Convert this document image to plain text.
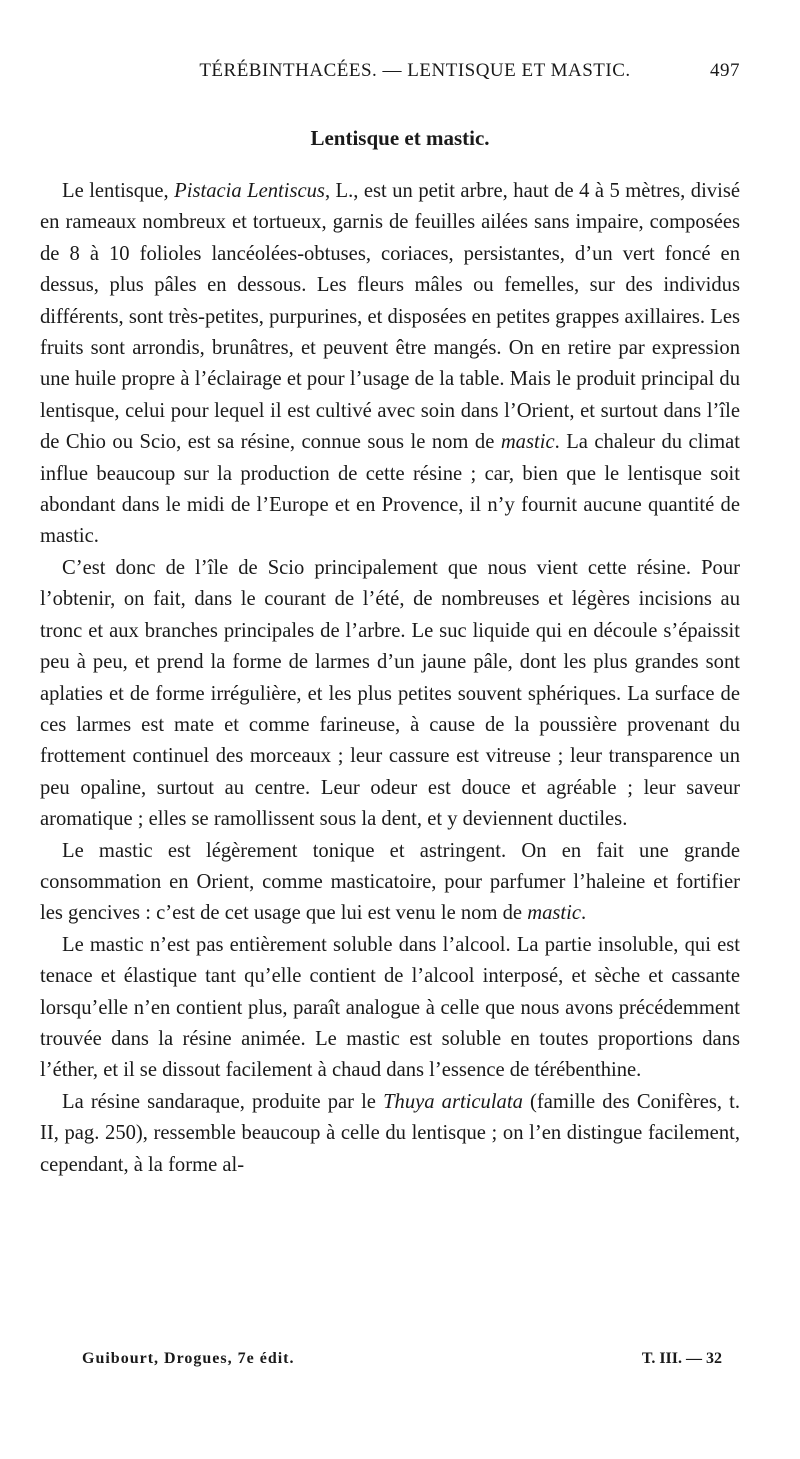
TÉRÉBINTHACÉES. — LENTISQUE ET MASTIC.	497
Lentisque et mastic.

Le lentisque, Pistacia Lentiscus, L., est un petit arbre, haut de 4 à 5 mètres, divisé en rameaux nombreux et tortueux, garnis de feuilles ailées sans impaire, composées de 8 à 10 folioles lancéolées-obtuses, coriaces, persistantes, d’un vert foncé en dessus, plus pâles en dessous. Les fleurs mâles ou femelles, sur des individus différents, sont très-petites, purpurines, et disposées en petites grappes axillaires. Les fruits sont arrondis, brunâtres, et peuvent être mangés. On en retire par expression une huile propre à l’éclairage et pour l’usage de la table. Mais le produit principal du lentisque, celui pour lequel il est cultivé avec soin dans l’Orient, et surtout dans l’île de Chio ou Scio, est sa résine, connue sous le nom de mastic. La chaleur du climat influe beaucoup sur la production de cette résine ; car, bien que le lentisque soit abondant dans le midi de l’Europe et en Provence, il n’y fournit aucune quantité de mastic.

C’est donc de l’île de Scio principalement que nous vient cette résine. Pour l’obtenir, on fait, dans le courant de l’été, de nombreuses et légères incisions au tronc et aux branches principales de l’arbre. Le suc liquide qui en découle s’épaissit peu à peu, et prend la forme de larmes d’un jaune pâle, dont les plus grandes sont aplaties et de forme irrégulière, et les plus petites souvent sphériques. La surface de ces larmes est mate et comme farineuse, à cause de la poussière provenant du frottement continuel des morceaux ; leur cassure est vitreuse ; leur transparence un peu opaline, surtout au centre. Leur odeur est douce et agréable ; leur saveur aromatique ; elles se ramollissent sous la dent, et y deviennent ductiles.

Le mastic est légèrement tonique et astringent. On en fait une grande consommation en Orient, comme masticatoire, pour parfumer l’haleine et fortifier les gencives : c’est de cet usage que lui est venu le nom de mastic.

Le mastic n’est pas entièrement soluble dans l’alcool. La partie insoluble, qui est tenace et élastique tant qu’elle contient de l’alcool interposé, et sèche et cassante lorsqu’elle n’en contient plus, paraît analogue à celle que nous avons précédemment trouvée dans la résine animée. Le mastic est soluble en toutes proportions dans l’éther, et il se dissout facilement à chaud dans l’essence de térébenthine.

La résine sandaraque, produite par le Thuya articulata (famille des Conifères, t. II, pag. 250), ressemble beaucoup à celle du lentisque ; on l’en distingue facilement, cependant, à la forme al-

Guibourt, Drogues, 7e édit.	T. III. — 32
